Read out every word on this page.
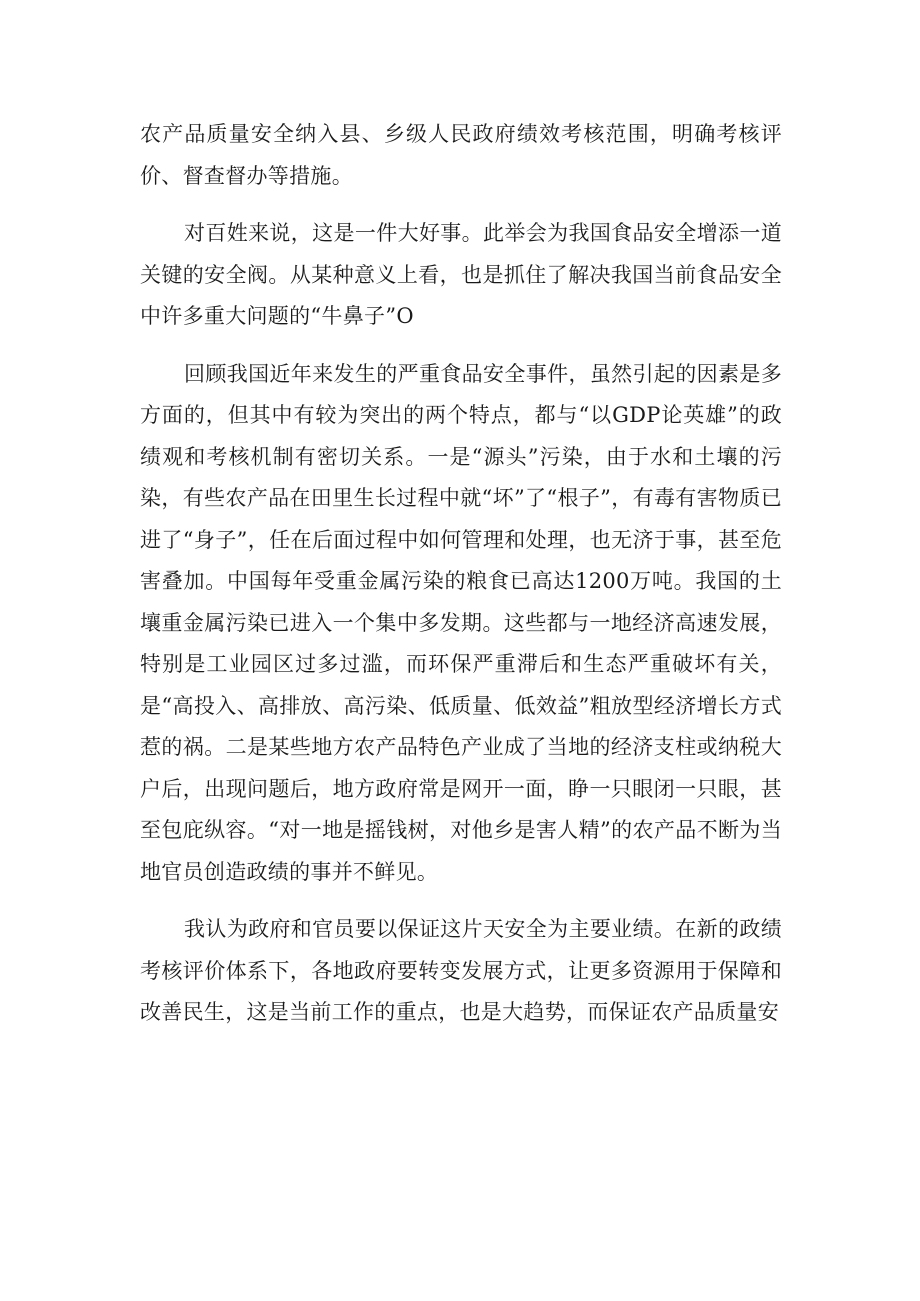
农产品质量安全纳入县、乡级人民政府绩效考核范围，明确考核评价、督查督办等措施。

对百姓来说，这是一件大好事。此举会为我国食品安全增添一道关键的安全阀。从某种意义上看，也是抓住了解决我国当前食品安全中许多重大问题的“牛鼻子”O

回顾我国近年来发生的严重食品安全事件，虽然引起的因素是多方面的，但其中有较为突出的两个特点，都与“以GDP论英雄”的政绩观和考核机制有密切关系。一是“源头”污染，由于水和土壤的污染，有些农产品在田里生长过程中就“坏”了“根子”，有毒有害物质已进了“身子”，任在后面过程中如何管理和处理，也无济于事，甚至危害叠加。中国每年受重金属污染的粮食已高达1200万吨。我国的土壤重金属污染已进入一个集中多发期。这些都与一地经济高速发展，特别是工业园区过多过滥，而环保严重滞后和生态严重破坏有关，是“高投入、高排放、高污染、低质量、低效益”粗放型经济增长方式惹的祸。二是某些地方农产品特色产业成了当地的经济支柱或纳税大户后，出现问题后，地方政府常是网开一面，睁一只眼闭一只眼，甚至包庇纵容。“对一地是摇钱树，对他乡是害人精”的农产品不断为当地官员创造政绩的事并不鲜见。

我认为政府和官员要以保证这片天安全为主要业绩。在新的政绩考核评价体系下，各地政府要转变发展方式，让更多资源用于保障和改善民生，这是当前工作的重点，也是大趋势，而保证农产品质量安
